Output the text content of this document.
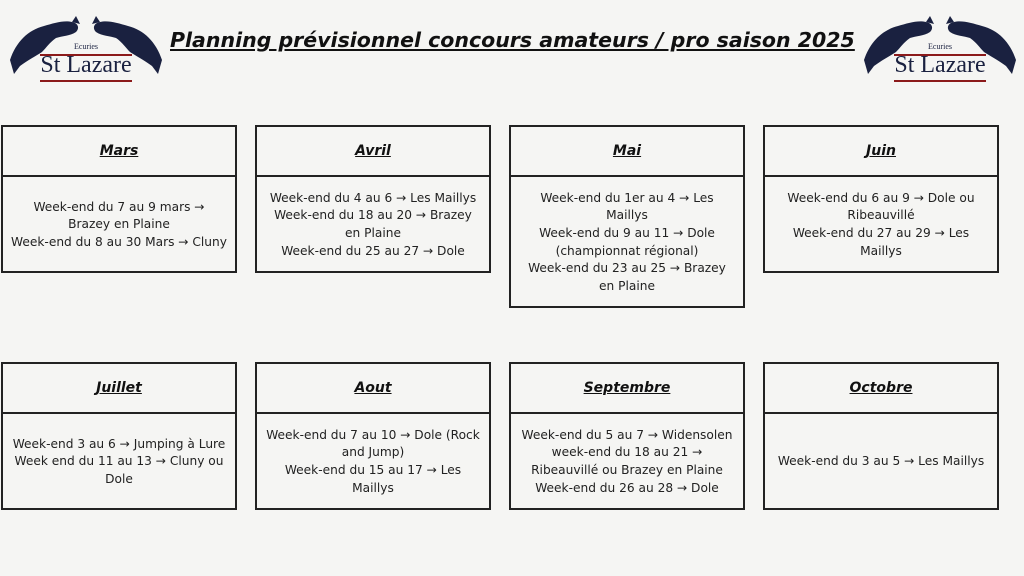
Ecuries
St Lazare
Ecuries
St Lazare
Planning prévisionnel concours amateurs / pro saison 2025
Mars
Week-end du 7 au 9 mars → Brazey en Plaine
Week-end du 8 au 30 Mars → Cluny
Avril
Week-end du 4 au 6 → Les Maillys
Week-end du 18 au 20 → Brazey en Plaine
Week-end du 25 au 27 → Dole
Mai
Week-end du 1er au 4 → Les Maillys
Week-end du 9 au 11 → Dole (championnat régional)
Week-end du 23 au 25 → Brazey en Plaine
Juin
Week-end du 6 au 9 → Dole ou Ribeauvillé
Week-end du 27 au 29 → Les Maillys
Juillet
Week-end 3 au 6 → Jumping à Lure
Week end du 11 au 13 → Cluny ou Dole
Aout
Week-end du 7 au 10 → Dole (Rock and Jump)
Week-end du 15 au 17 → Les Maillys
Septembre
Week-end du 5 au 7 → Widensolen
week-end du 18 au 21 → Ribeauvillé ou Brazey en Plaine
Week-end du 26 au 28 → Dole
Octobre
Week-end du 3 au 5 → Les Maillys
